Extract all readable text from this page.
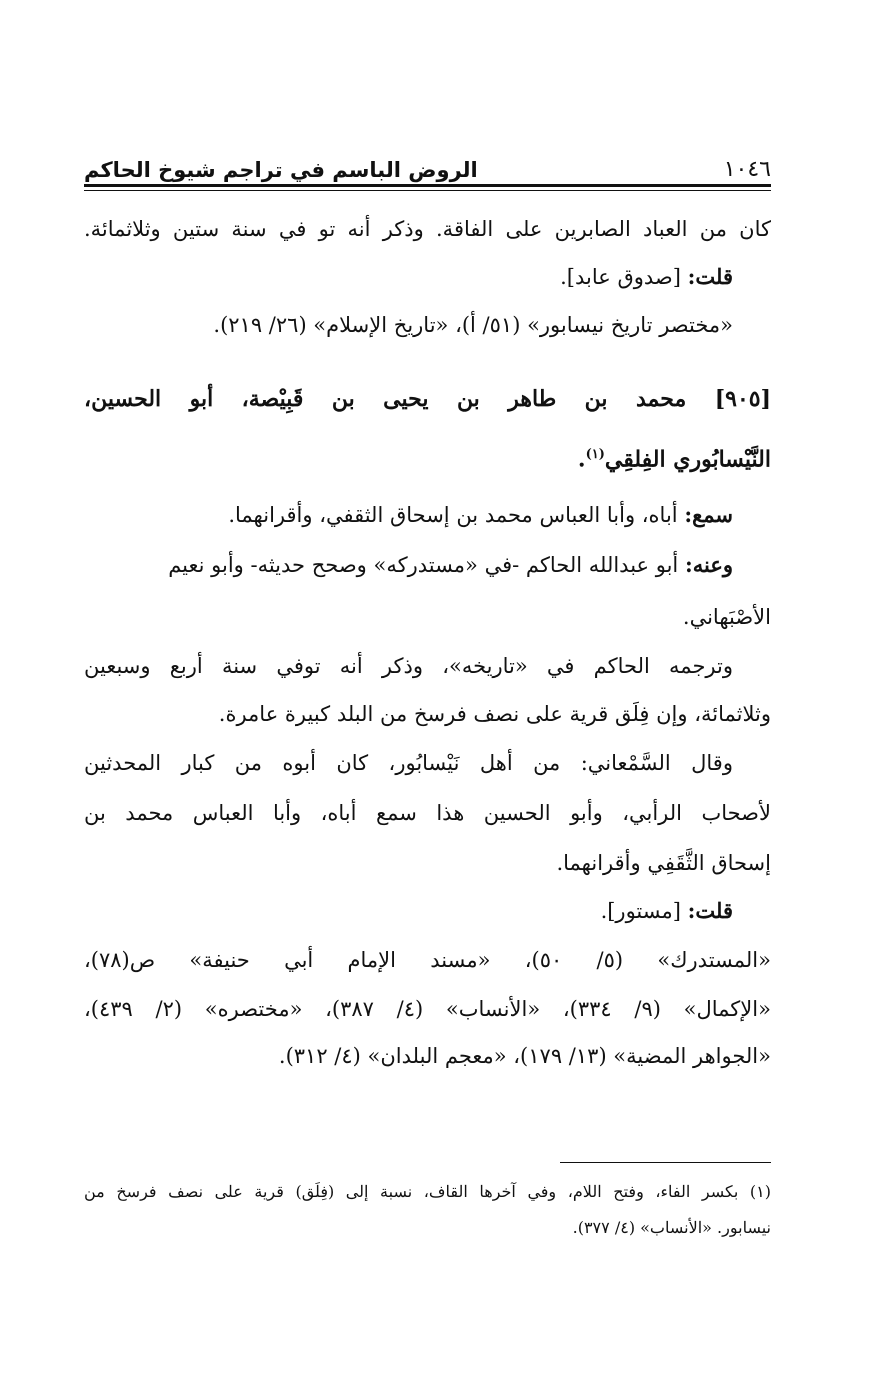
١٠٤٦
الروض الباسم في تراجم شيوخ الحاكم
كان من العباد الصابرين على الفاقة. وذكر أنه تو في سنة ستين وثلاثمائة.
قلت: [صدوق عابد].
«مختصر تاريخ نيسابور» (٥١/ أ)، «تاريخ الإسلام» (٢٦/ ٢١٩).
[٩٠٥] محمد بن طاهر بن يحيى بن قَبِيْصة، أبو الحسين،
النَّيْسابُوري الفِلقِي$^{(١)}$.
سمع: أباه، وأبا العباس محمد بن إسحاق الثقفي، وأقرانهما.
وعنه: أبو عبدالله الحاكم -في «مستدركه» وصحح حديثه- وأبو نعيم
الأصْبَهاني.
وترجمه الحاكم في «تاريخه»، وذكر أنه توفي سنة أربع وسبعين
وثلاثمائة، وإن فِلَق قرية على نصف فرسخ من البلد كبيرة عامرة.
وقال السَّمْعاني: من أهل نَيْسابُور، كان أبوه من كبار المحدثين
لأصحاب الرأبي، وأبو الحسين هذا سمع أباه، وأبا العباس محمد بن
إسحاق الثَّقَفِي وأقرانهما.
قلت: [مستور].
«المستدرك» (٥/ ٥٠)، «مسند الإمام أبي حنيفة» ص(٧٨)،
«الإكمال» (٩/ ٣٣٤)، «الأنساب» (٤/ ٣٨٧)، «مختصره» (٢/ ٤٣٩)،
«الجواهر المضية» (١٣/ ١٧٩)، «معجم البلدان» (٤/ ٣١٢).
(١) بكسر الفاء، وفتح اللام، وفي آخرها القاف، نسبة إلى (فِلَق) قرية على نصف فرسخ من
نيسابور. «الأنساب» (٤/ ٣٧٧).
